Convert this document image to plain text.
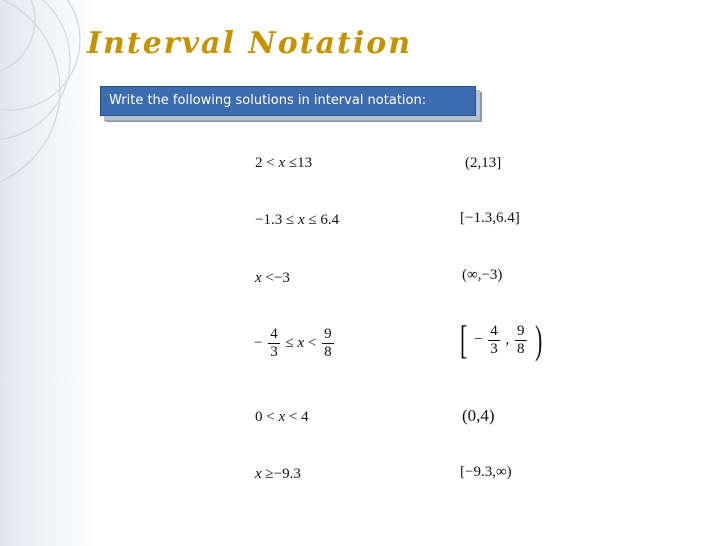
Interval Notation
Write the following solutions in interval notation:
2 < x ≤13	(2,13]
−1.3 ≤ x ≤ 6.4	[−1.3,6.4]
x <−3	(∞,−3)
− $\frac{4}{3} \le x < \frac{9}{8}$	[ − $\frac{4}{3}$ , $\frac{9}{8}$ )
0 < x < 4	(0,4)
x ≥−9.3	[−9.3,∞)
